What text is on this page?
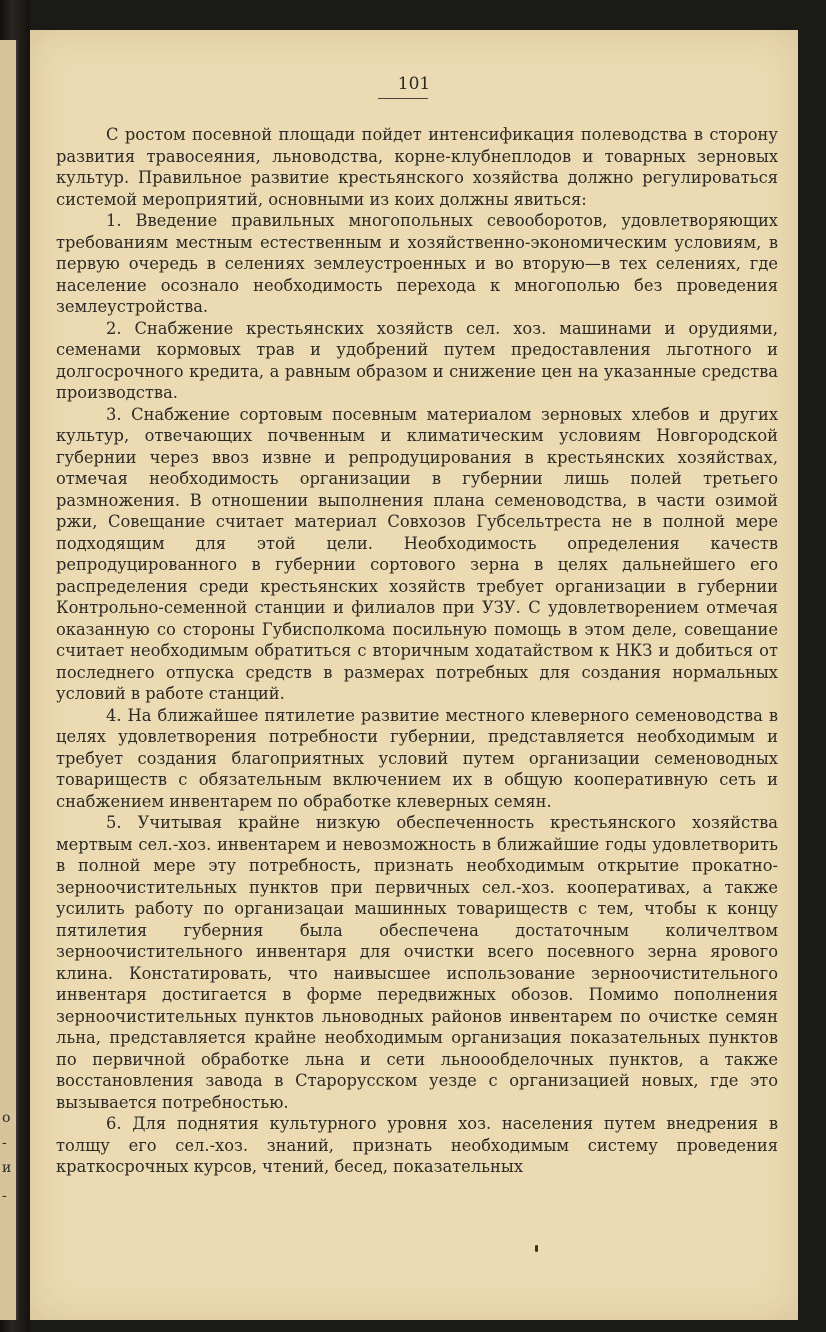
о
-
и
-
101

С ростом посевной площади пойдет интенсификация полеводства в сторону развития травосеяния, льноводства, корне-клубнеплодов и товарных зерновых культур. Правильное развитие крестьянского хозяйства должно регулироваться системой мероприятий, основными из коих должны явиться:

1. Введение правильных многопольных севооборотов, удовлетворяющих требованиям местным естественным и хозяйственно-экономическим условиям, в первую очередь в селениях землеустроенных и во вторую—в тех селениях, где население осознало необходимость перехода к многополью без проведения землеустройства.

2. Снабжение крестьянских хозяйств сел. хоз. машинами и орудиями, семенами кормовых трав и удобрений путем предоставления льготного и долгосрочного кредита, а равным образом и снижение цен на указанные средства производства.

3. Снабжение сортовым посевным материалом зерновых хлебов и других культур, отвечающих почвенным и климатическим условиям Новгородской губернии через ввоз извне и репродуцирования в крестьянских хозяйствах, отмечая необходимость организации в губернии лишь полей третьего размножения. В отношении выполнения плана семеноводства, в части озимой ржи, Совещание считает материал Совхозов Губсельтреста не в полной мере подходящим для этой цели. Необходимость определения качеств репродуцированного в губернии сортового зерна в целях дальнейшего его распределения среди крестьянских хозяйств требует организации в губернии Контрольно-семенной станции и филиалов при УЗУ. С удовлетворением отмечая оказанную со стороны Губисполкома посильную помощь в этом деле, совещание считает необходимым обратиться с вторичным ходатайством к НКЗ и добиться от последнего отпуска средств в размерах потребных для создания нормальных условий в работе станций.

4. На ближайшее пятилетие развитие местного клеверного семеноводства в целях удовлетворения потребности губернии, представляется необходимым и требует создания благоприятных условий путем организации семеноводных товариществ с обязательным включением их в общую кооперативную сеть и снабжением инвентарем по обработке клеверных семян.

5. Учитывая крайне низкую обеспеченность крестьянского хозяйства мертвым сел.-хоз. инвентарем и невозможность в ближайшие годы удовлетворить в полной мере эту потребность, признать необходимым открытие прокатно-зерноочистительных пунктов при первичных сел.-хоз. кооперативах, а также усилить работу по организацаи машинных товариществ с тем, чтобы к концу пятилетия губерния была обеспечена достаточным количелтвом зерноочистительного инвентаря для очистки всего посевного зерна ярового клина. Констатировать, что наивысшее использование зерноочистительного инвентаря достигается в форме передвижных обозов. Помимо пополнения зерноочистительных пунктов льноводных районов инвентарем по очистке семян льна, представляется крайне необходимым организация показательных пунктов по первичной обработке льна и сети льноообделочных пунктов, а также восстановления завода в Старорусском уезде с организацией новых, где это вызывается потребностью.

6. Для поднятия культурного уровня хоз. населения путем внедрения в толщу его сел.-хоз. знаний, признать необходимым систему проведения краткосрочных курсов, чтений, бесед, показательных
